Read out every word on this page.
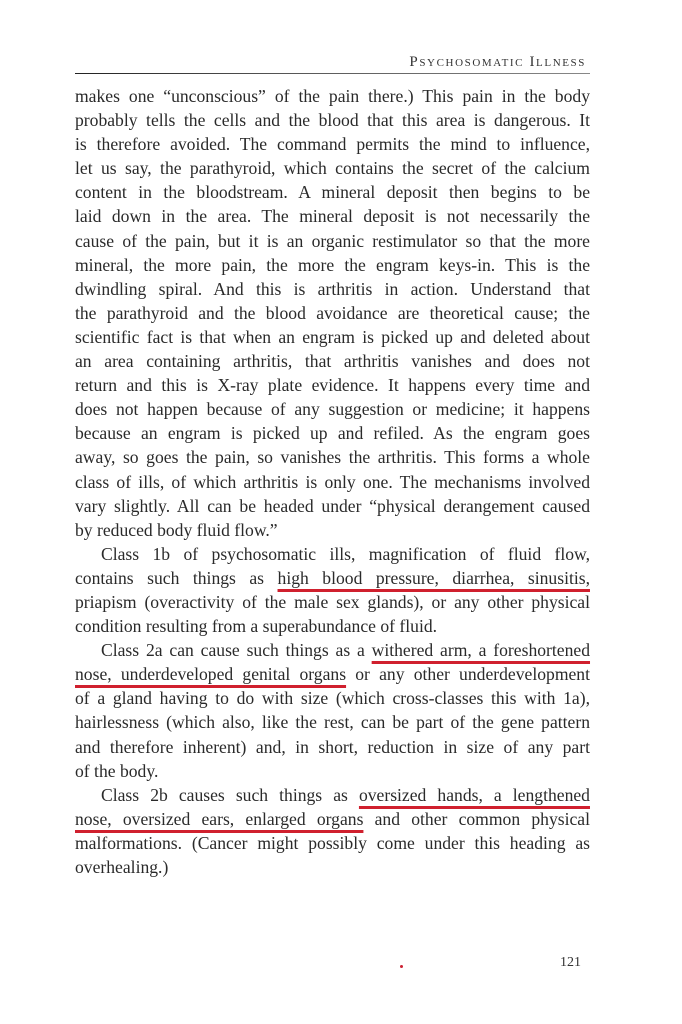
Psychosomatic Illness
makes one “unconscious” of the pain there.) This pain in the body
probably tells the cells and the blood that this area is dangerous. It
is therefore avoided. The command permits the mind to influence,
let us say, the parathyroid, which contains the secret of the calcium
content in the bloodstream. A mineral deposit then begins to be
laid down in the area. The mineral deposit is not necessarily the
cause of the pain, but it is an organic restimulator so that the more
mineral, the more pain, the more the engram keys-in. This is the
dwindling spiral. And this is arthritis in action. Understand that
the parathyroid and the blood avoidance are theoretical cause; the
scientific fact is that when an engram is picked up and deleted about
an area containing arthritis, that arthritis vanishes and does not
return and this is X-ray plate evidence. It happens every time and
does not happen because of any suggestion or medicine; it happens
because an engram is picked up and refiled. As the engram goes
away, so goes the pain, so vanishes the arthritis. This forms a whole
class of ills, of which arthritis is only one. The mechanisms involved
vary slightly. All can be headed under “physical derangement caused
by reduced body fluid flow.”
Class 1b of psychosomatic ills, magnification of fluid flow,
contains such things as high blood pressure, diarrhea, sinusitis,
priapism (overactivity of the male sex glands), or any other physical
condition resulting from a superabundance of fluid.
Class 2a can cause such things as a withered arm, a foreshortened
nose, underdeveloped genital organs or any other underdevelopment
of a gland having to do with size (which cross-classes this with 1a),
hairlessness (which also, like the rest, can be part of the gene pattern
and therefore inherent) and, in short, reduction in size of any part
of the body.
Class 2b causes such things as oversized hands, a lengthened
nose, oversized ears, enlarged organs and other common physical
malformations. (Cancer might possibly come under this heading as
overhealing.)
121
